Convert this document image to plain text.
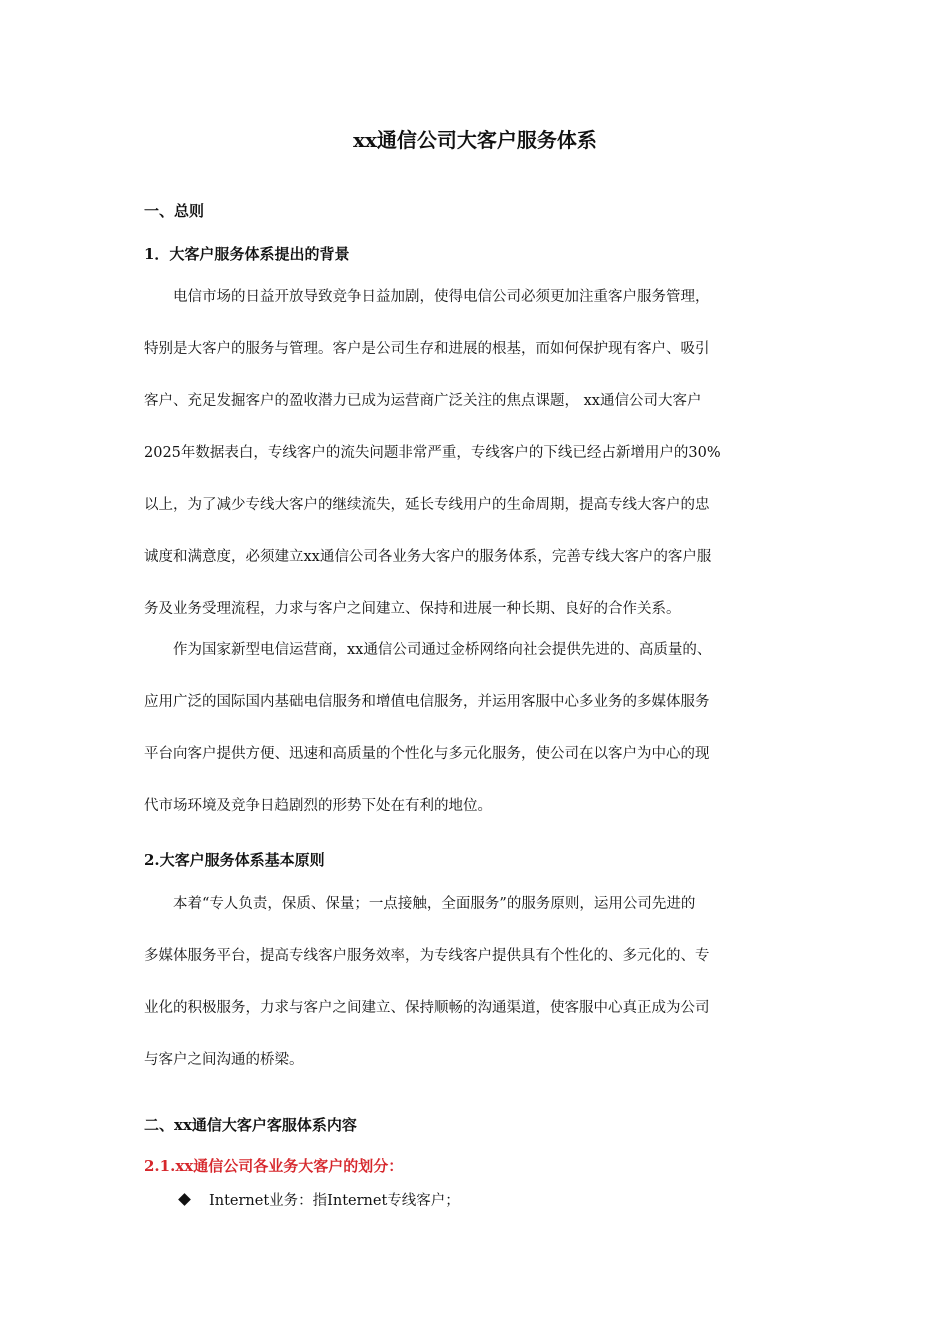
xx通信公司大客户服务体系
一、总则
1．大客户服务体系提出的背景
　　电信市场的日益开放导致竞争日益加剧，使得电信公司必须更加注重客户服务管理，
特别是大客户的服务与管理。客户是公司生存和进展的根基，而如何保护现有客户、吸引
客户、充足发掘客户的盈收潜力已成为运营商广泛关注的焦点课题， xx通信公司大客户
2025年数据表白，专线客户的流失问题非常严重，专线客户的下线已经占新增用户的30%
以上，为了减少专线大客户的继续流失，延长专线用户的生命周期，提高专线大客户的忠
诚度和满意度，必须建立xx通信公司各业务大客户的服务体系，完善专线大客户的客户服
务及业务受理流程，力求与客户之间建立、保持和进展一种长期、良好的合作关系。
　　作为国家新型电信运营商，xx通信公司通过金桥网络向社会提供先进的、高质量的、
应用广泛的国际国内基础电信服务和增值电信服务，并运用客服中心多业务的多媒体服务
平台向客户提供方便、迅速和高质量的个性化与多元化服务，使公司在以客户为中心的现
代市场环境及竞争日趋剧烈的形势下处在有利的地位。
2.大客户服务体系基本原则
　　本着“专人负责，保质、保量；一点接触，全面服务”的服务原则，运用公司先进的
多媒体服务平台，提高专线客户服务效率，为专线客户提供具有个性化的、多元化的、专
业化的积极服务，力求与客户之间建立、保持顺畅的沟通渠道，使客服中心真正成为公司
与客户之间沟通的桥梁。
二、xx通信大客户客服体系内容
2.1.xx通信公司各业务大客户的划分：
Internet业务：指Internet专线客户；
